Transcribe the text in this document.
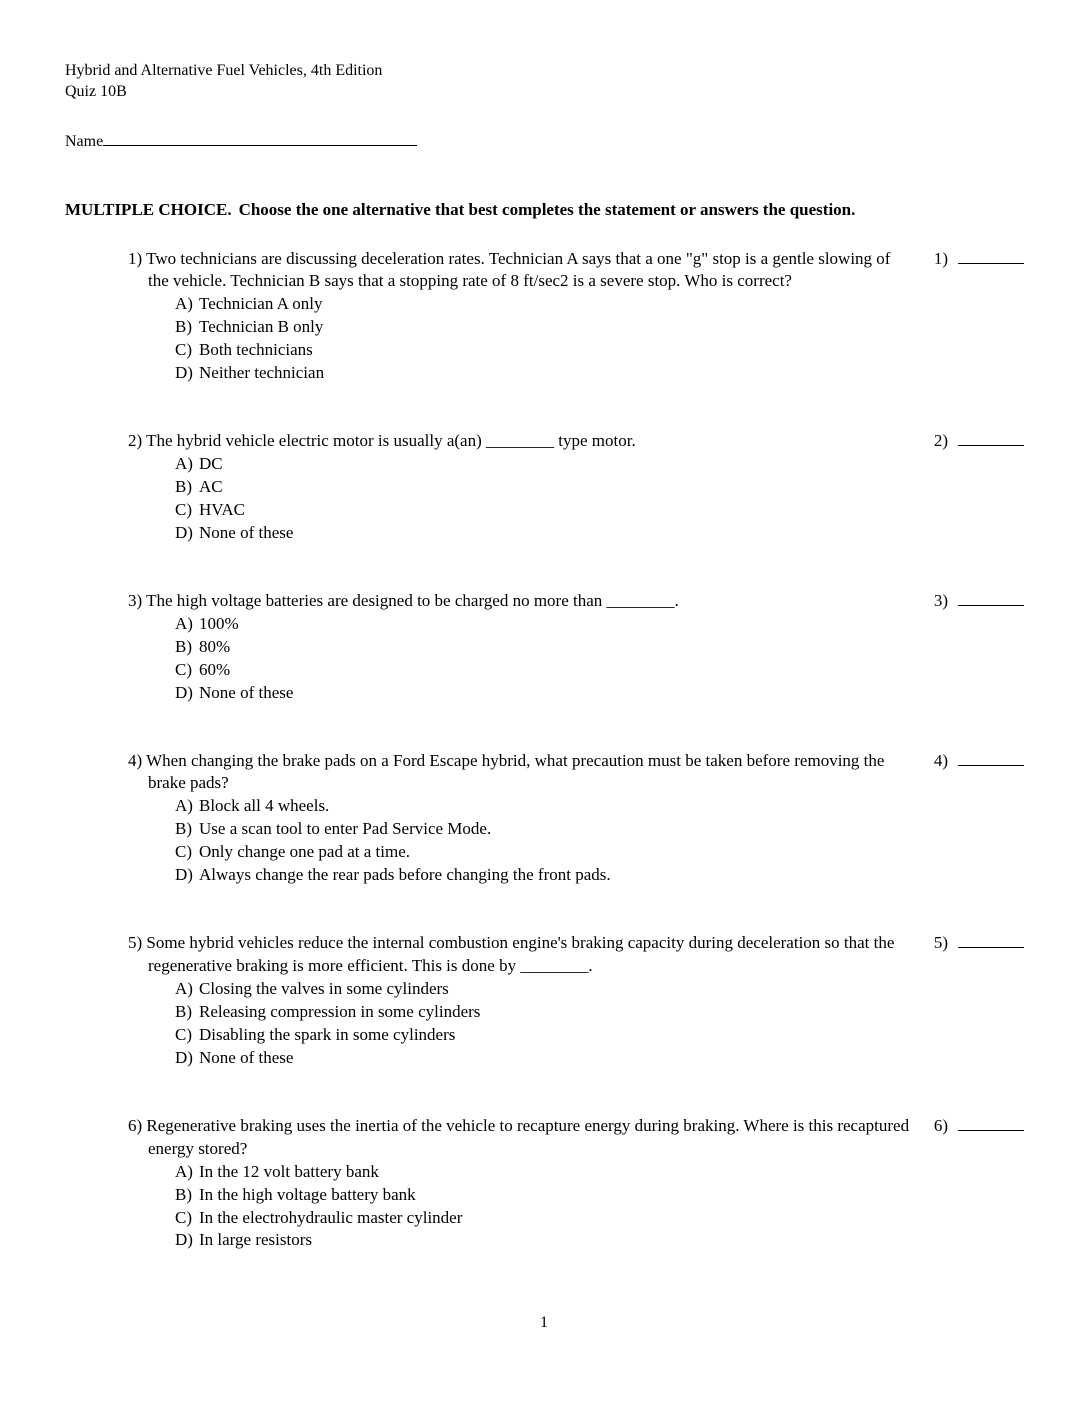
Hybrid and Alternative Fuel Vehicles, 4th Edition
Quiz 10B
Name
MULTIPLE CHOICE. Choose the one alternative that best completes the statement or answers the question.
1) Two technicians are discussing deceleration rates. Technician A says that a one "g" stop is a gentle slowing of the vehicle. Technician B says that a stopping rate of 8 ft/sec2 is a severe stop. Who is correct?
1)
A) Technician A only
B) Technician B only
C) Both technicians
D) Neither technician
2) The hybrid vehicle electric motor is usually a(an) ________ type motor.	2)
A) DC
B) AC
C) HVAC
D) None of these
3) The high voltage batteries are designed to be charged no more than ________.	3)
A) 100%
B) 80%
C) 60%
D) None of these
4) When changing the brake pads on a Ford Escape hybrid, what precaution must be taken before removing the brake pads?
4)
A) Block all 4 wheels.
B) Use a scan tool to enter Pad Service Mode.
C) Only change one pad at a time.
D) Always change the rear pads before changing the front pads.
5) Some hybrid vehicles reduce the internal combustion engine's braking capacity during deceleration so that the regenerative braking is more efficient. This is done by ________.
5)
A) Closing the valves in some cylinders
B) Releasing compression in some cylinders
C) Disabling the spark in some cylinders
D) None of these
6) Regenerative braking uses the inertia of the vehicle to recapture energy during braking. Where is this recaptured energy stored?
6)
A) In the 12 volt battery bank
B) In the high voltage battery bank
C) In the electrohydraulic master cylinder
D) In large resistors
1
